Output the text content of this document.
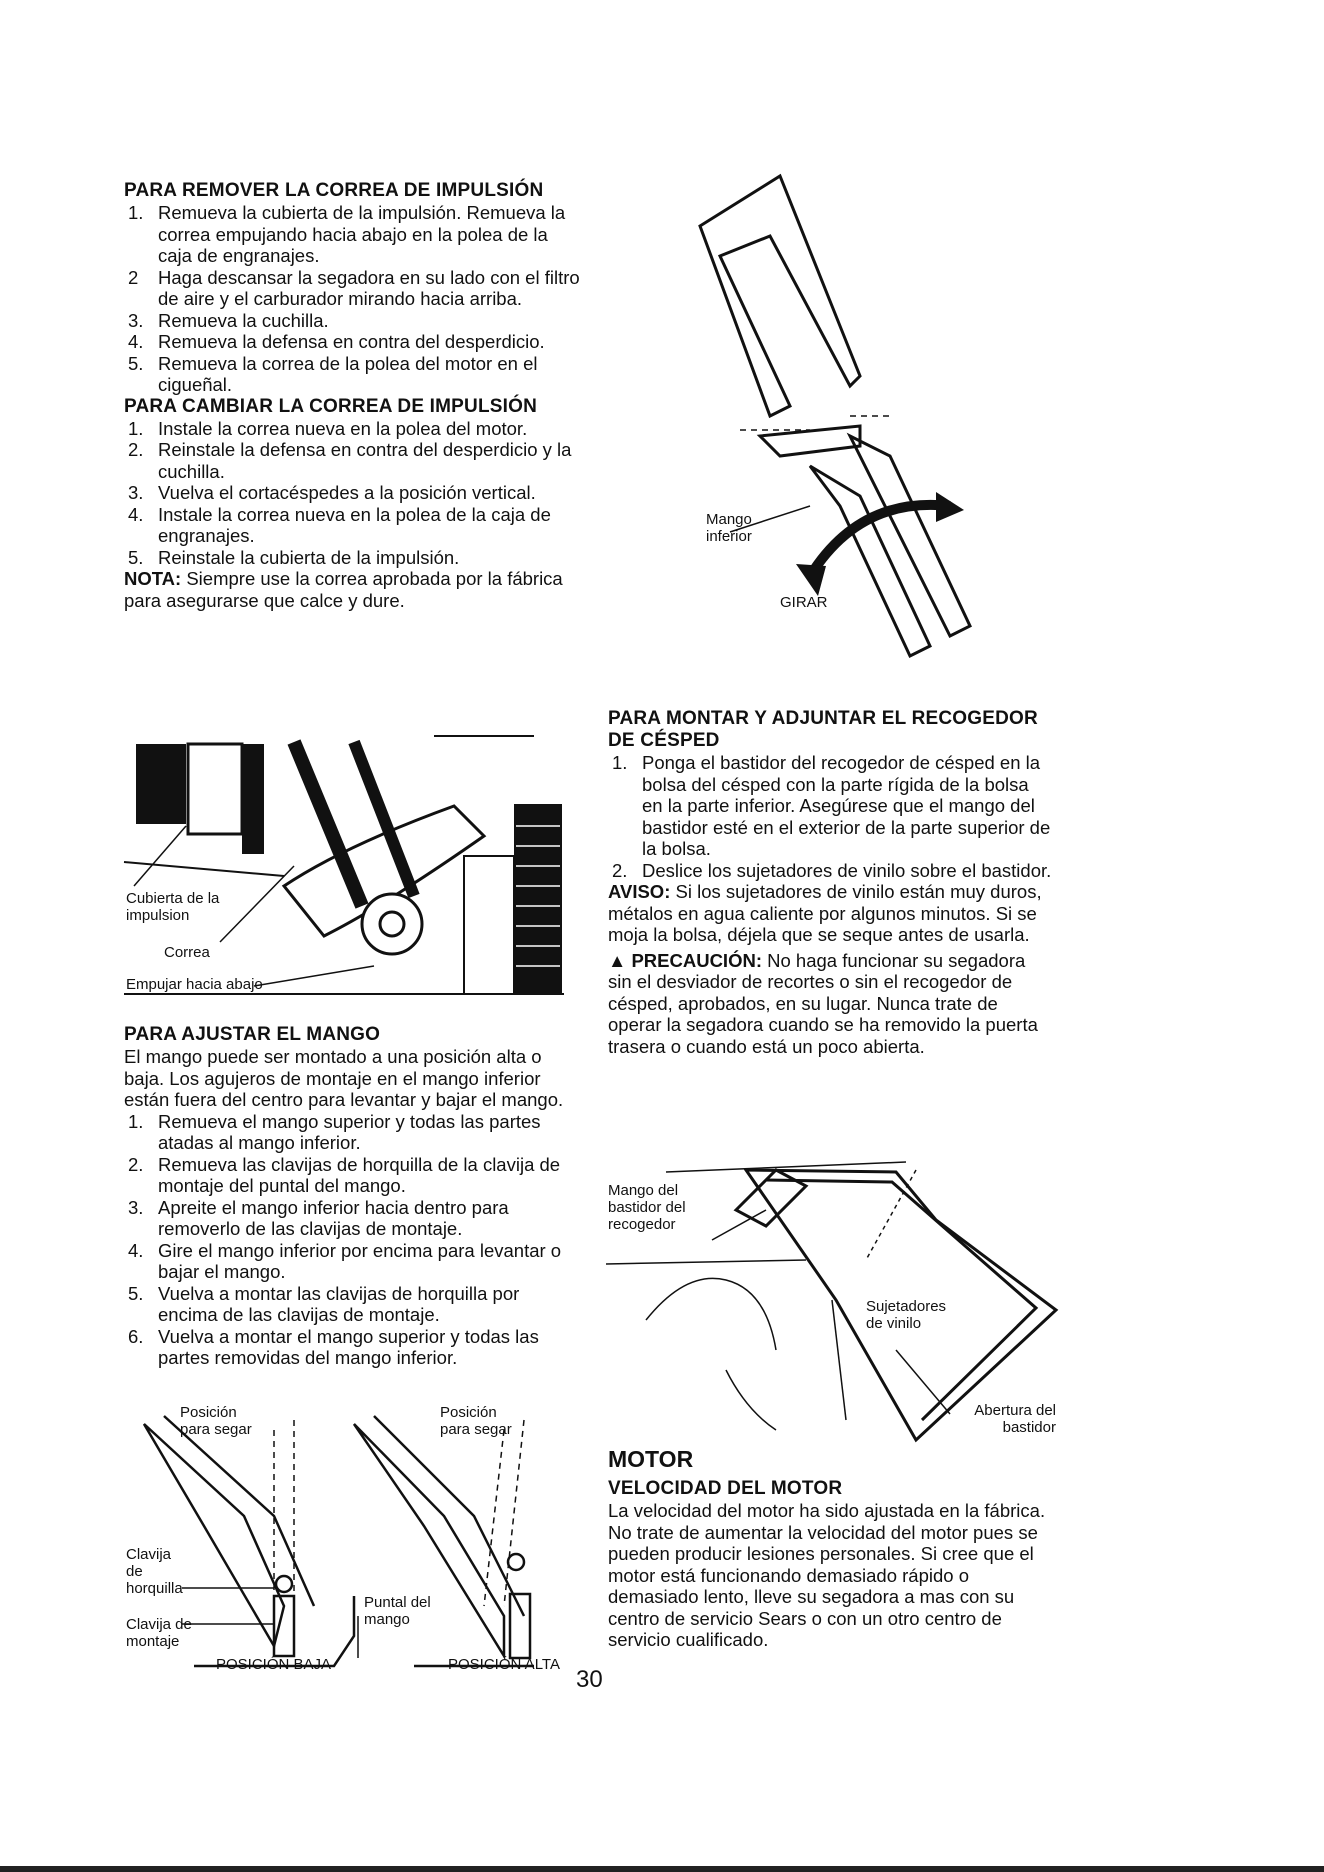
PARA REMOVER LA CORREA DE IMPULSIÓN
1. Remueva la cubierta de la impulsión. Remueva la correa empujando hacia abajo en la polea de la caja de engranajes.
2 Haga descansar la segadora en su lado con el filtro de aire y el carburador mirando hacia arriba.
3. Remueva la cuchilla.
4. Remueva la defensa en contra del desperdicio.
5. Remueva la correa de la polea del motor en el cigueñal.
PARA CAMBIAR LA CORREA DE IMPULSIÓN
1. Instale la correa nueva en la polea del motor.
2. Reinstale la defensa en contra del desperdicio y la cuchilla.
3. Vuelva el cortacéspedes a la posición vertical.
4. Instale la correa nueva en la polea de la caja de engranajes.
5. Reinstale la cubierta de la impulsión.

NOTA: Siempre use la correa aprobada por la fábrica para asegurarse que calce y dure.

Cubierta de la impulsion
Correa
Empujar hacia abajo
PARA AJUSTAR EL MANGO

El mango puede ser montado a una posición alta o baja. Los agujeros de montaje en el mango inferior están fuera del centro para levantar y bajar el mango.

1. Remueva el mango superior y todas las partes atadas al mango inferior.
2. Remueva las clavijas de horquilla de la clavija de montaje del puntal del mango.
3. Apreite el mango inferior hacia dentro para removerlo de las clavijas de montaje.
4. Gire el mango inferior por encima para levantar o bajar el mango.
5. Vuelva a montar las clavijas de horquilla por encima de las clavijas de montaje.
6. Vuelva a montar el mango superior y todas las partes removidas del mango inferior.
Posición para segar
Posición para segar
Clavija de horquilla
Clavija de montaje
Puntal del mango
POSICIÓN BAJA	POSICIÓN ALTA
Mango inferior
GIRAR
PARA MONTAR Y ADJUNTAR EL RECOGEDOR DE CÉSPED
1. Ponga el bastidor del recogedor de césped en la bolsa del césped con la parte rígida de la bolsa en la parte inferior. Asegúrese que el mango del bastidor esté en el exterior de la parte superior de la bolsa.
2. Deslice los sujetadores de vinilo sobre el bastidor.

AVISO: Si los sujetadores de vinilo están muy duros, métalos en agua caliente por algunos minutos. Si se moja la bolsa, déjela que se seque antes de usarla.

▲ PRECAUCIÓN: No haga funcionar su segadora sin el desviador de recortes o sin el recogedor de césped, aprobados, en su lugar. Nunca trate de operar la segadora cuando se ha removido la puerta trasera o cuando está un poco abierta.

Mango del bastidor del recogedor
Sujetadores de vinilo
Abertura del bastidor
MOTOR
VELOCIDAD DEL MOTOR

La velocidad del motor ha sido ajustada en la fábrica. No trate de aumentar la velocidad del motor pues se pueden producir lesiones personales. Si cree que el motor está funcionando demasiado rápido o demasiado lento, lleve su segadora a mas con su centro de servicio Sears o con un otro centro de servicio cualificado.

30
